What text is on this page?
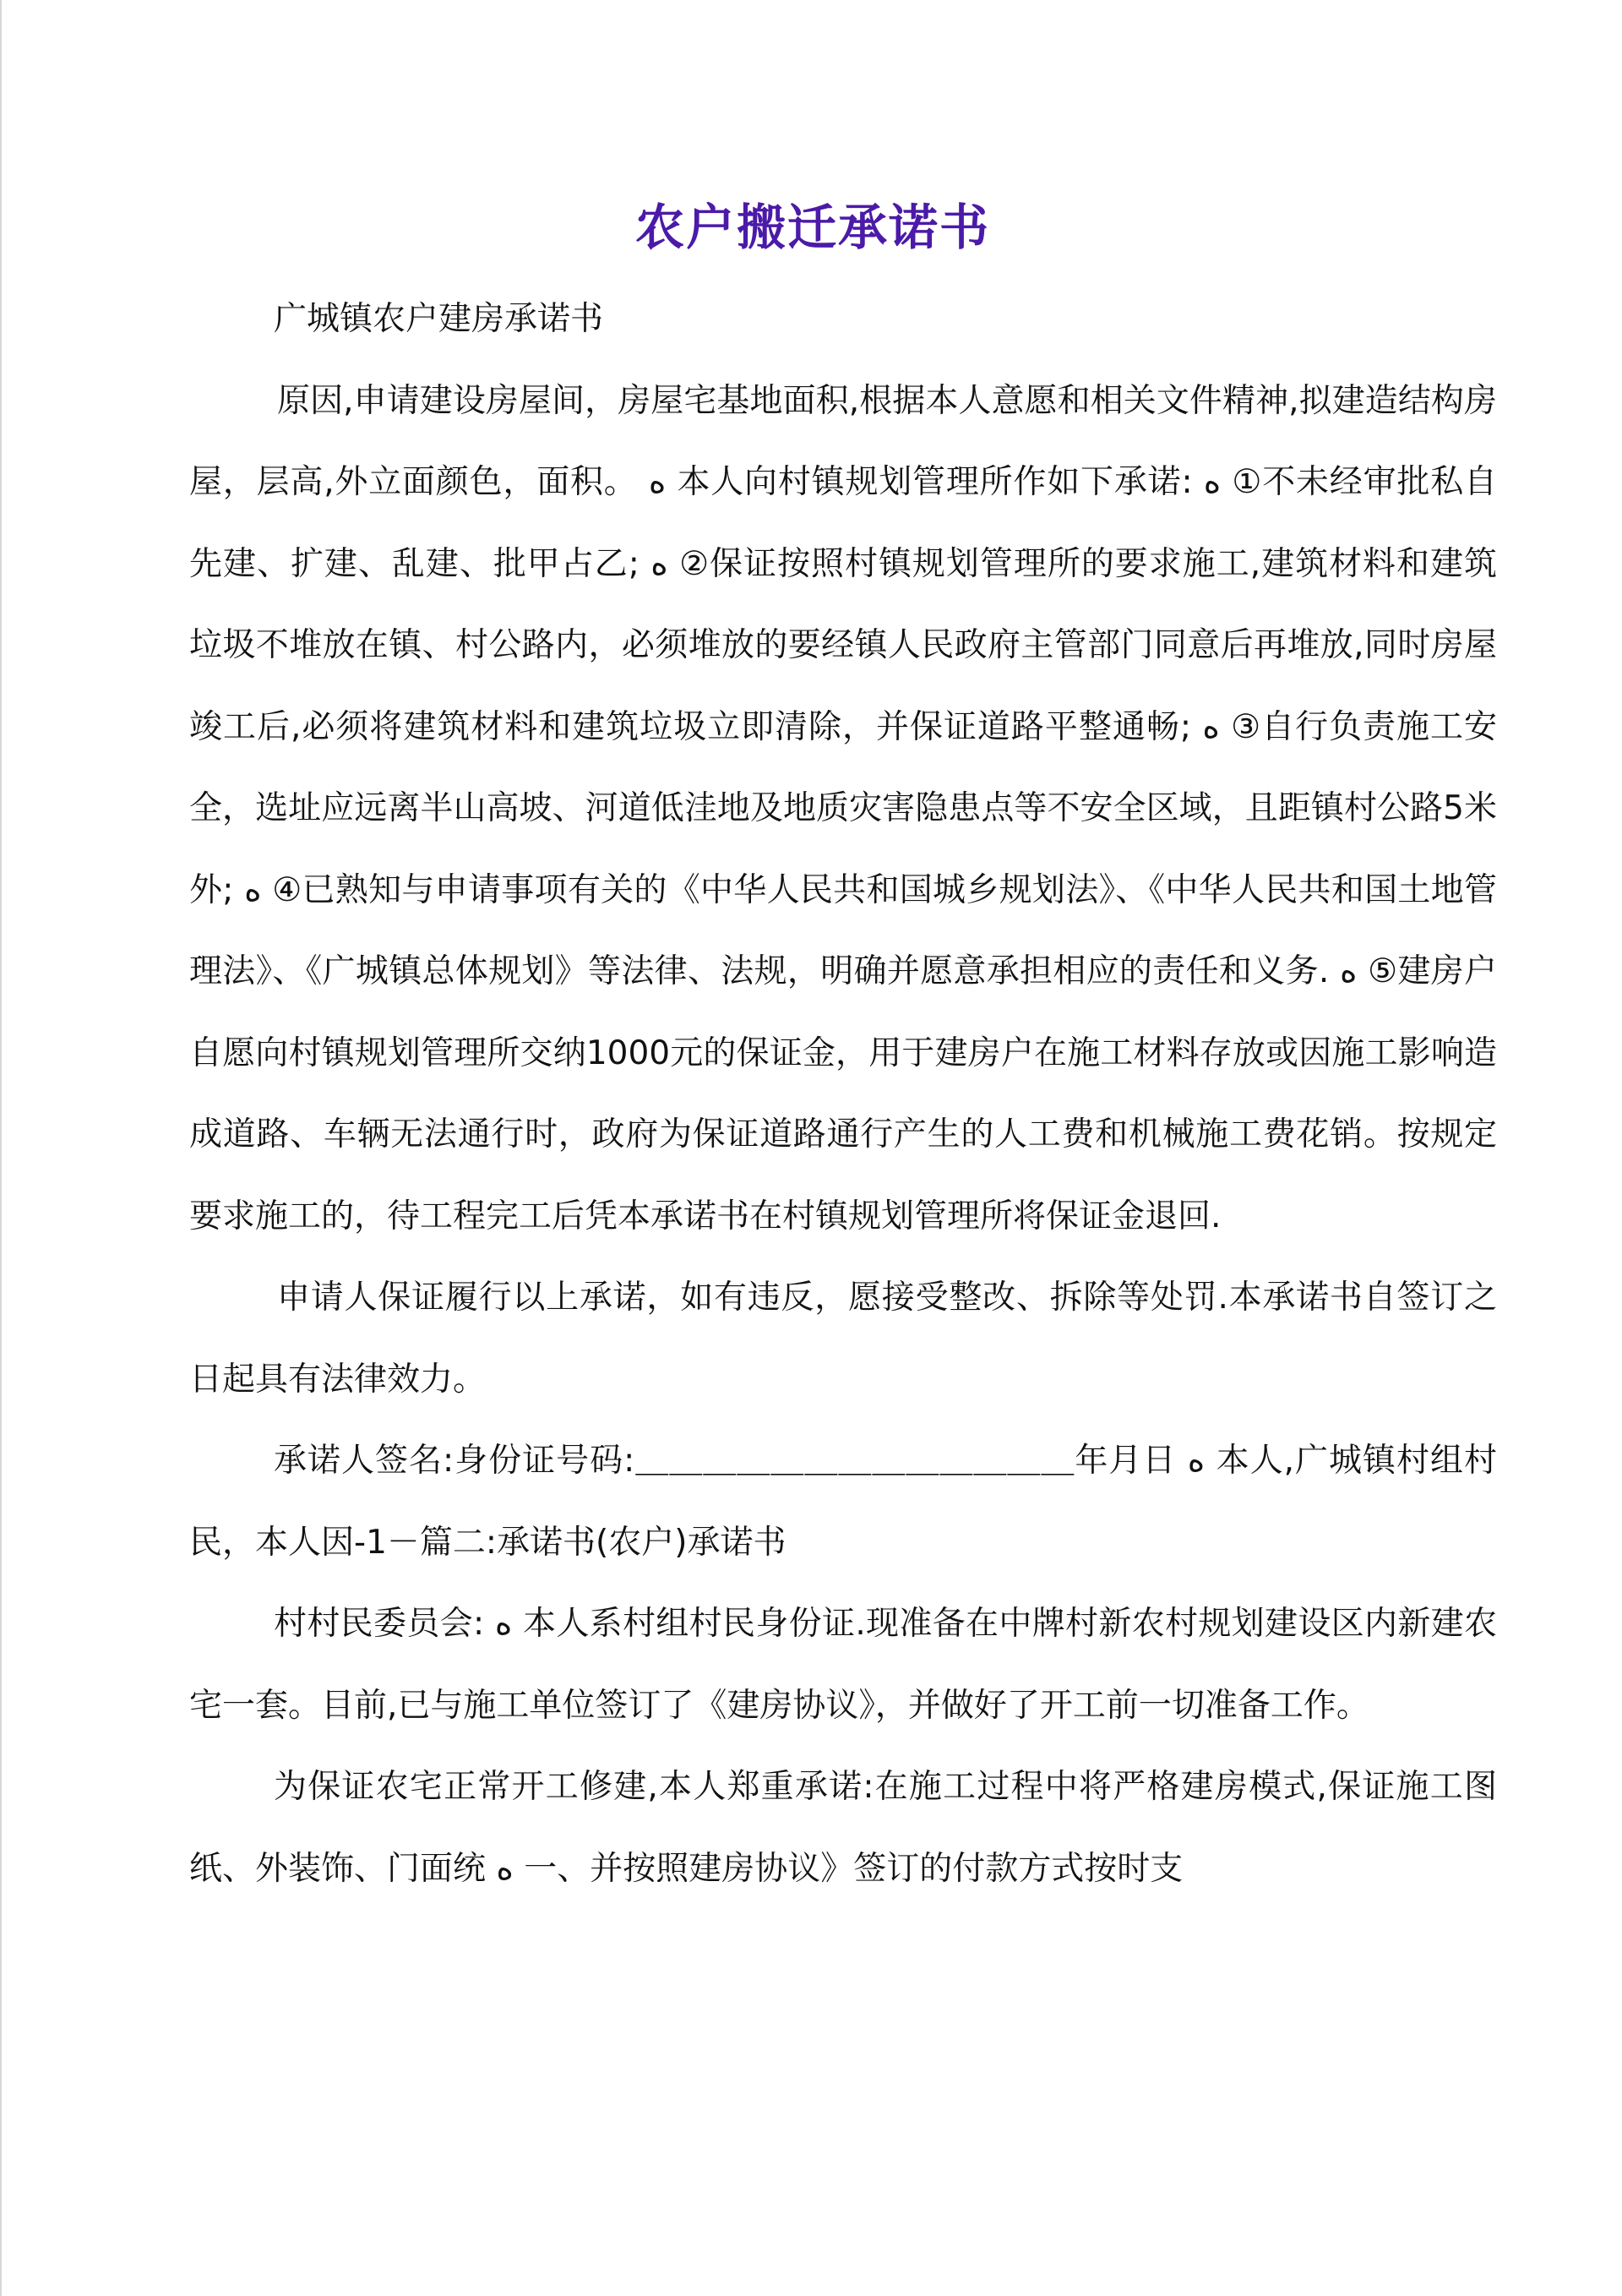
农户搬迁承诺书

广城镇农户建房承诺书

原因,申请建设房屋间，房屋宅基地面积,根据本人意愿和相关文件精神,拟建造结构房屋，层高,外立面颜色，面积。 ﻩ 本人向村镇规划管理所作如下承诺: ﻩ ①不未经审批私自先建、扩建、乱建、批甲占乙; ﻩ ②保证按照村镇规划管理所的要求施工,建筑材料和建筑垃圾不堆放在镇、村公路内，必须堆放的要经镇人民政府主管部门同意后再堆放,同时房屋竣工后,必须将建筑材料和建筑垃圾立即清除，并保证道路平整通畅; ﻩ ③自行负责施工安全，选址应远离半山高坡、河道低洼地及地质灾害隐患点等不安全区域，且距镇村公路5米外; ﻩ ④已熟知与申请事项有关的《中华人民共和国城乡规划法》、《中华人民共和国土地管理法》、《广城镇总体规划》等法律、法规，明确并愿意承担相应的责任和义务. ﻩ ⑤建房户自愿向村镇规划管理所交纳1000元的保证金，用于建房户在施工材料存放或因施工影响造成道路、车辆无法通行时，政府为保证道路通行产生的人工费和机械施工费花销。按规定要求施工的，待工程完工后凭本承诺书在村镇规划管理所将保证金退回.

申请人保证履行以上承诺，如有违反，愿接受整改、拆除等处罚.本承诺书自签订之日起具有法律效力。

承诺人签名:身份证号码:＿＿＿＿＿＿＿＿＿＿＿＿＿年月日 ﻩ 本人,广城镇村组村民，本人因-1－篇二:承诺书(农户)承诺书

村村民委员会: ﻩ 本人系村组村民身份证.现准备在中牌村新农村规划建设区内新建农宅一套。目前,已与施工单位签订了《建房协议》，并做好了开工前一切准备工作。

为保证农宅正常开工修建,本人郑重承诺:在施工过程中将严格建房模式,保证施工图纸、外装饰、门面统 ﻩ 一、并按照建房协议》签订的付款方式按时支
